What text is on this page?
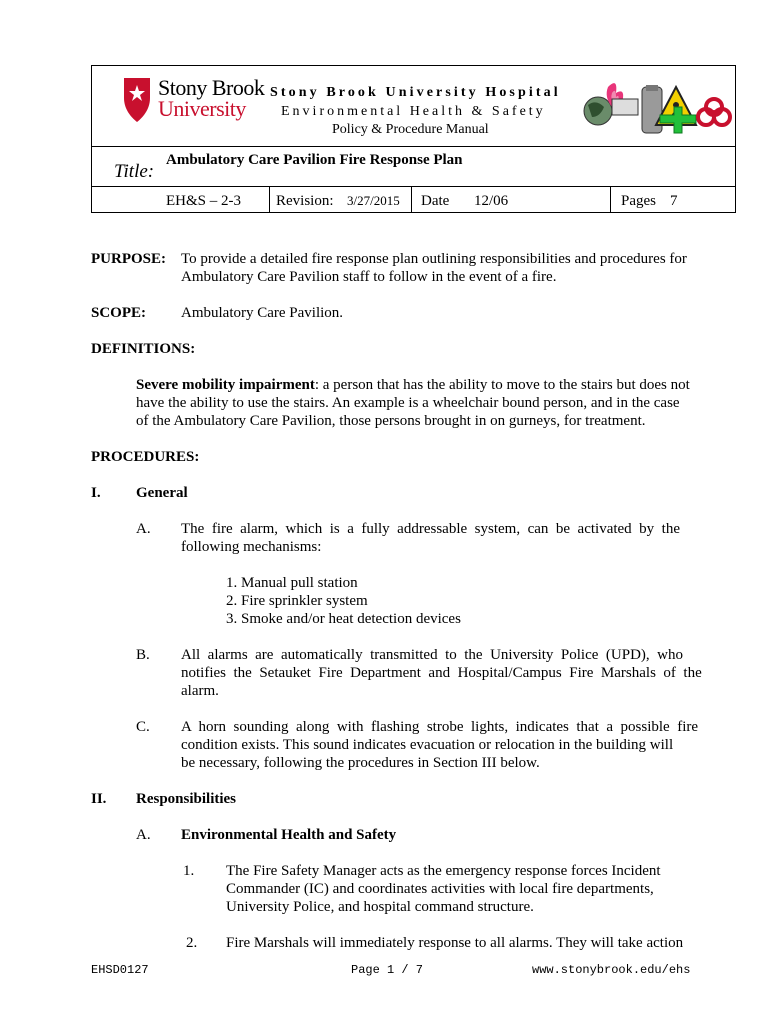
Stony Brook
University
Stony Brook University Hospital
Environmental Health & Safety
Policy & Procedure Manual
Title:
Ambulatory Care Pavilion Fire Response Plan
EH&S – 2-3 Revision: 3/27/2015 Date 12/06	Pages 7
PURPOSE: To provide a detailed fire response plan outlining responsibilities and procedures for
Ambulatory Care Pavilion staff to follow in the event of a fire.
SCOPE: Ambulatory Care Pavilion.
DEFINITIONS:
Severe mobility impairment: a person that has the ability to move to the stairs but does not
have the ability to use the stairs. An example is a wheelchair bound person, and in the case
of the Ambulatory Care Pavilion, those persons brought in on gurneys, for treatment.
PROCEDURES:
I. General
A. The  fire  alarm,  which  is  a  fully  addressable  system,  can  be  activated  by  the
following mechanisms:
1. Manual pull station
2. Fire sprinkler system
3. Smoke and/or heat detection devices
B. All  alarms  are  automatically  transmitted  to  the  University  Police  (UPD),  who
notifies  the  Setauket  Fire  Department  and  Hospital/Campus  Fire  Marshals  of  the
alarm.
C. A  horn  sounding  along  with  flashing  strobe  lights,  indicates  that  a  possible  fire
condition exists. This sound indicates evacuation or relocation in the building will
be necessary, following the procedures in Section III below.
II. Responsibilities
A. Environmental Health and Safety
1. The Fire Safety Manager acts as the emergency response forces Incident
Commander (IC) and coordinates activities with local fire departments,
University Police, and hospital command structure.
2. Fire Marshals will immediately response to all alarms. They will take action
EHSD0127	Page 1 / 7	www.stonybrook.edu/ehs
